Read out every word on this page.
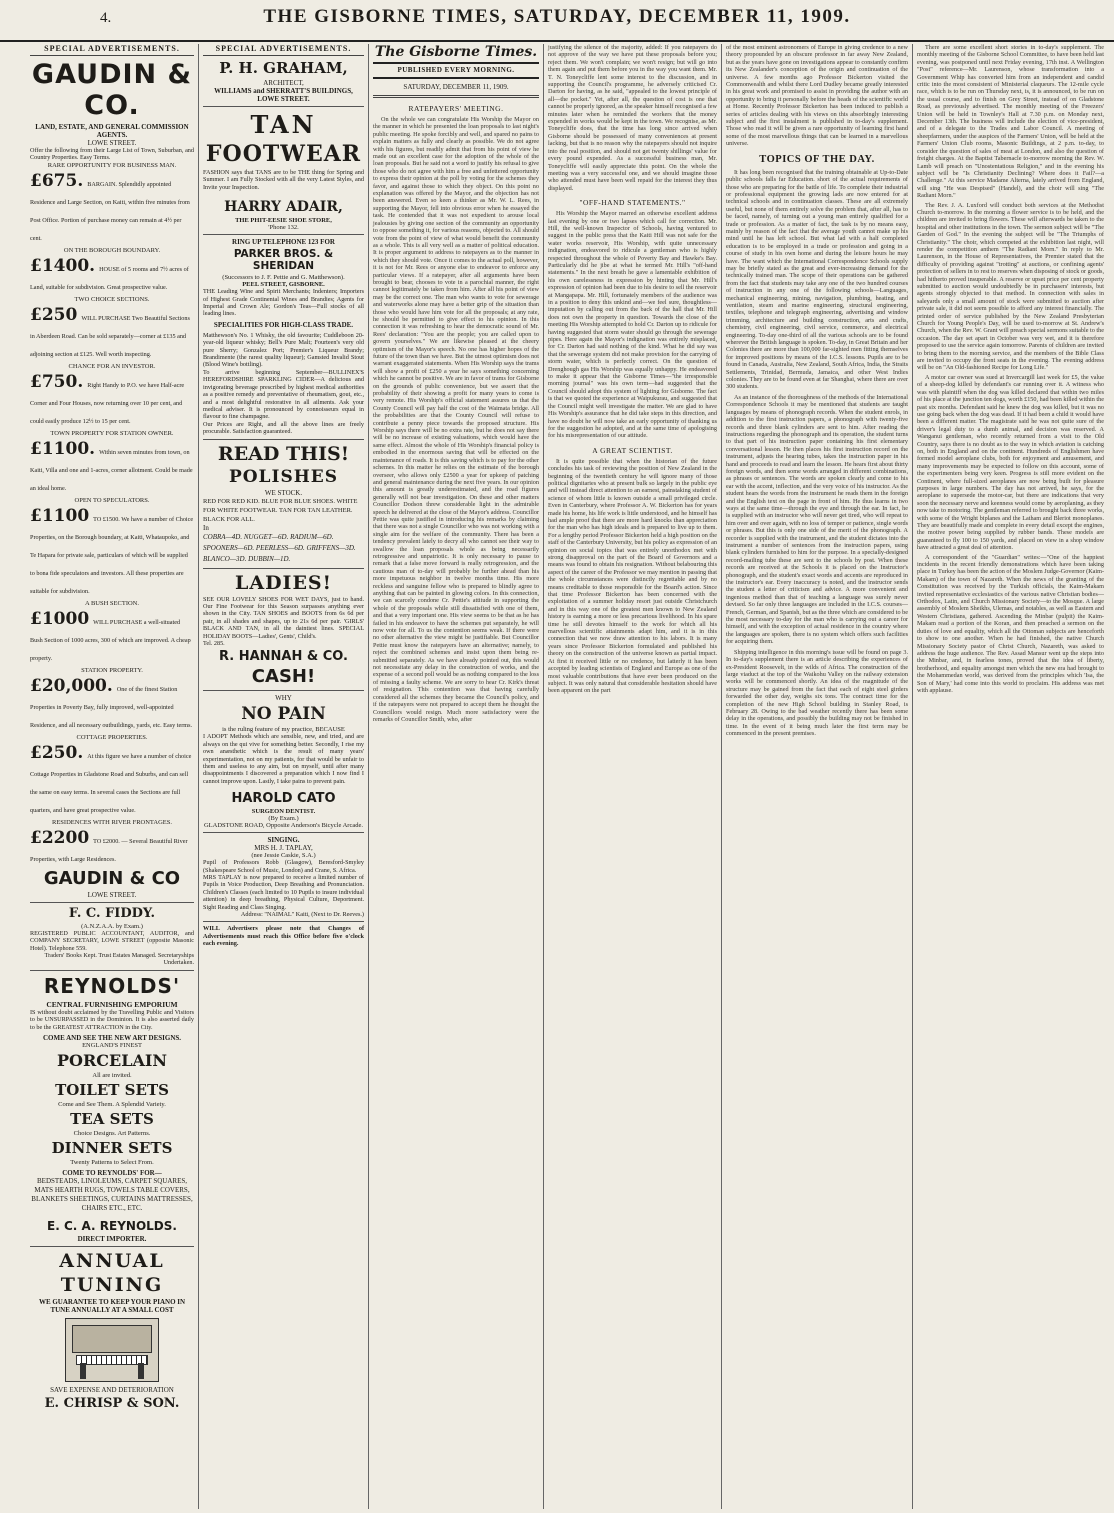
4.	THE GISBORNE TIMES, SATURDAY, DECEMBER 11, 1909.
SPECIAL ADVERTISEMENTS.
GAUDIN & CO.
LAND, ESTATE, AND GENERAL COMMISSION AGENTS.
LOWE STREET.
Offer the following from their Large List of Town, Suburban, and Country Properties. Easy Terms.
RARE OPPORTUNITY FOR BUSINESS MAN.
£675. BARGAIN. Splendidly appointed Residence and Large Section, on Kaiti, within five minutes from Post Office. Portion of purchase money can remain at 4½ per cent.
ON THE BOROUGH BOUNDARY.
£1400. HOUSE of 5 rooms and 7½ acres of Land, suitable for subdivision. Great prospective value.
TWO CHOICE SECTIONS.
£250 WILL PURCHASE Two Beautiful Sections in Aberdeen Road. Can be sold separately—corner at £135 and adjoining section at £125. Well worth inspecting.
CHANCE FOR AN INVESTOR.
£750. Right Handy to P.O. we have Half-acre Corner and Four Houses, now returning over 10 per cent, and could easily produce 12½ to 15 per cent.
TOWN PROPERTY FOR STATION OWNER.
£1100. Within seven minutes from town, on Kaiti, Villa and one and 1-acres, corner allotment. Could be made an ideal home.
OPEN TO SPECULATORS.
£1100 TO £1500. We have a number of Choice Properties, on the Borough boundary, at Kaiti, Whataupoko, and Te Hapara for private sale, particulars of which will be supplied to bona fide speculators and investors. All these properties are suitable for subdivision.
A BUSH SECTION.
£1000 WILL PURCHASE a well-situated Bush Section of 1000 acres, 300 of which are improved. A cheap property.
STATION PROPERTY.
£20,000. One of the finest Station Properties in Poverty Bay, fully improved, well-appointed Residence, and all necessary outbuildings, yards, etc. Easy terms.
COTTAGE PROPERTIES.
£250. At this figure we have a number of choice Cottage Properties in Gladstone Road and Suburbs, and can sell the same on easy terms. In several cases the Sections are full quarters, and have great prospective value.
RESIDENCES WITH RIVER FRONTAGES.
£2200 TO £2000. — Several Beautiful River Properties, with Large Residences.
GAUDIN & CO
LOWE STREET.
F. C. FIDDY.
(A.N.Z.A.A. by Exam.)
REGISTERED PUBLIC ACCOUNTANT, AUDITOR, and COMPANY SECRETARY, LOWE STREET (opposite Masonic Hotel). Telephone 559.
Traders' Books Kept. Trust Estates Managed. Secretaryships Undertaken.
REYNOLDS'
CENTRAL FURNISHING EMPORIUM
IS without doubt acclaimed by the Travelling Public and Visitors to be UNSURPASSED in the Dominion. It is also asserted daily to be the GREATEST ATTRACTION in the City.
COME AND SEE THE NEW ART DESIGNS.
ENGLAND'S FINEST
PORCELAIN
All are invited.
TOILET SETS
Come and See Them. A Splendid Variety.
TEA SETS
Choice Designs. Art Patterns.
DINNER SETS
Twenty Patterns to Select From.
COME TO REYNOLDS' FOR—
BEDSTEADS, LINOLEUMS, CARPET SQUARES, MATS HEARTH RUGS, TOWELS TABLE COVERS, BLANKETS SHEETINGS, CURTAINS MATTRESSES, CHAIRS ETC., ETC.
E. C. A. REYNOLDS.
DIRECT IMPORTER.
ANNUAL
TUNING
WE GUARANTEE TO KEEP YOUR PIANO IN TUNE ANNUALLY AT A SMALL COST
SAVE EXPENSE AND DETERIORATION
E. CHRISP & SON.
SPECIAL ADVERTISEMENTS.
P. H. GRAHAM,
ARCHITECT,
WILLIAMS and SHERRATT'S BUILDINGS,
LOWE STREET.
TAN
FOOTWEAR
FASHION says that TANS are to be THE thing for Spring and Summer. I am Fully Stocked with all the very Latest Styles, and Invite your Inspection.
HARRY ADAIR,
THE PHIT-EESIE SHOE STORE,
'Phone 132.
RING UP TELEPHONE 123 FOR
PARKER BROS. & SHERIDAN
(Successors to J. F. Pettie and G. Matthewson).
PEEL STREET, GISBORNE.
THE Leading Wine and Spirit Merchants; Indenters; Importers of Highest Grade Continental Wines and Brandies; Agents for Imperial and Crown Ale; Gordon's Teas—Full stocks of all leading lines.
SPECIALITIES FOR HIGH-CLASS TRADE.
Matthewson's No. 1 Whisky, the old favourite; Cuddleboon 20-year-old liqueur whisky; Bell's Pure Malt; Fourteen's very old pure Sherry; Gonzalez Port; Premier's Liqueur Brandy; Brandimente (the rarest quality liqueur); Gamsted Invalid Stout (Blood Wine's bottling).
To arrive beginning September—BULLINEX'S HEREFORDSHIRE SPARKLING CIDER—A delicious and invigorating beverage prescribed by highest medical authorities as a positive remedy and preventative of rheumatism, gout, etc., and a most delightful restorative in all ailments. Ask your medical adviser. It is pronounced by connoisseurs equal in flavour to fine champagne.
Our Prices are Right, and all the above lines are freely procurable. Satisfaction guaranteed.
READ THIS!
POLISHES
WE STOCK.
RED FOR RED KID. BLUE FOR BLUE SHOES. WHITE FOR WHITE FOOTWEAR. TAN FOR TAN LEATHER. BLACK FOR ALL.
In
COBRA—4D. NUGGET—6D. RADIUM—6D. SPOONERS—6D. PEERLESS—6D. GRIFFENS—3D. BLANCO—3D. DUBBIN—1D.
LADIES!
SEE OUR LOVELY SHOES FOR WET DAYS, just to hand. Our Fine Footwear for this Season surpasses anything ever shown in the City. TAN SHOES and BOOTS from 6s 6d per pair, in all shades and shapes, up to 21s 6d per pair. 'GIRLS' BLACK AND TAN, in all the daintiest lines. SPECIAL HOLIDAY BOOTS—Ladies', Gents', Child's.
Tel. 285.
R. HANNAH & CO.
CASH!
WHY
NO PAIN
is the ruling feature of my practice, BECAUSE
I ADOPT Methods which are sensible, new, and tried, and are always on the qui vive for something better. Secondly, I rise my own anæsthetic which is the result of many years' experimentation, not on my patients, for that would be unfair to them and useless to any aim, but on myself, until after many disappointments I discovered a preparation which I now find I cannot improve upon. Lastly, I take pains to prevent pain.
HAROLD CATO
SURGEON DENTIST.
(By Exam.)
GLADSTONE ROAD, Opposite Anderson's Bicycle Arcade.
SINGING.
MRS H. J. TAPLAY,
(nee Jessie Caskie, S.A.)
Pupil of Professors Robb (Glasgow), Beresford-Smyley (Shakespeare School of Music, London) and Crane, S. Africa.
MRS TAPLAY is now prepared to receive a limited number of Pupils in Voice Production, Deep Breathing and Pronunciation. Children's Classes (each limited to 10 Pupils to insure individual attention) in deep breathing, Physical Culture, Deportment. Sight Reading and Class Singing.
Address: "NAIMAL" Kaiti, (Next to Dr. Reeves.)
WILL Advertisers please note that Changes of Advertisements must reach this Office before five o'clock each evening.
The Gisborne Times.
PUBLISHED EVERY MORNING.
SATURDAY, DECEMBER 11, 1909.
RATEPAYERS' MEETING.
On the whole we can congratulate His Worship the Mayor on the manner in which he presented the loan proposals to last night's public meeting. He spoke forcibly and well, and spared no pains to explain matters as fully and clearly as possible. We do not agree with his figures, but readily admit that from his point of view he made out an excellent case for the adoption of the whole of the loan proposals. But he said not a word to justify his refusal to give those who do not agree with him a free and unfettered opportunity to express their opinion at the poll by voting for the schemes they favor, and against those to which they object. On this point no explanation was offered by the Mayor, and the objection has not been answered. Even so keen a thinker as Mr. W. L. Rees, in supporting the Mayor, fell into obvious error when he essayed the task. He contended that it was not expedient to arouse local jealousies by giving one section of the community an opportunity to oppose something it, for various reasons, objected to. All should vote from the point of view of what would benefit the community as a whole. This is all very well as a matter of political education. It is proper argument to address to ratepayers as to the manner in which they should vote. Once it comes to the actual poll, however, it is not for Mr. Rees or anyone else to endeavor to enforce any particular views. If a ratepayer, after all arguments have been brought to bear, chooses to vote in a parochial manner, the right cannot legitimately be taken from him. After all his point of view may be the correct one. The man who wants to vote for sewerage and waterworks alone may have a better grip of the situation than those who would have him vote for all the proposals; at any rate, he should be permitted to give effect to his opinion. In this connection it was refreshing to hear the democratic sound of Mr. Rees' declaration: "You are the people; you are called upon to govern yourselves." We are likewise pleased at the cheery optimism of the Mayor's speech. No one has higher hopes of the future of the town than we have. But the utmost optimism does not warrant exaggerated statements. When His Worship says the trams will show a profit of £250 a year he says something concerning which he cannot be positive. We are in favor of trams for Gisborne on the grounds of public convenience, but we assert that the probability of their showing a profit for many years to come is very remote. His Worship's official statement assures us that the County Council will pay half the cost of the Waimata bridge. All the probabilities are that the County Council will refuse to contribute a penny piece towards the proposed structure. His Worship says there will be no extra rate, but he does not say there will be no increase of existing valuations, which would have the same effect. Almost the whole of His Worship's financial policy is embodied in the enormous saving that will be effected on the maintenance of roads. It is this saving which is to pay for the other schemes. In this matter he relies on the estimate of the borough overseer, who allows only £2500 a year for upkeep of patching and general maintenance during the next five years. In our opinion this amount is greatly underestimated, and the road figures generally will not bear investigation. On these and other matters Councillor Dodson threw considerable light in the admirable speech he delivered at the close of the Mayor's address. Councillor Pettie was quite justified in introducing his remarks by claiming that there was not a single Councillor who was not working with a single aim for the welfare of the community. There has been a tendency prevalent lately to decry all who cannot see their way to swallow the loan proposals whole as being necessarily retrogressive and unpatriotic. It is only necessary to pause to remark that a false move forward is really retrogression, and the cautious man of to-day will probably be further ahead than his more impetuous neighbor in twelve months time. His more reckless and sanguine fellow who is prepared to blindly agree to anything that can be painted in glowing colors. In this connection, we can scarcely condone Cr. Pettie's attitude in supporting the whole of the proposals while still dissatisfied with one of them, and that a very important one. His view seems to be that as he has failed in his endeavor to have the schemes put separately, he will now vote for all. To us the contention seems weak. If there were no other alternative the view might be justifiable. But Councillor Pettie must know the ratepayers have an alternative; namely, to reject the combined schemes and insist upon them being re-submitted separately. As we have already pointed out, this would not necessitate any delay in the construction of works, and the expense of a second poll would be as nothing compared to the loss of missing a faulty scheme. We are sorry to hear Cr. Kirk's threat of resignation. This contention was that having carefully considered all the schemes they became the Council's policy, and if the ratepayers were not prepared to accept them he thought the Councillors would resign. Much more satisfactory were the remarks of Councillor Smith, who, after
justifying the silence of the majority, added: If you ratepayers do not approve of the way we have put these proposals before you; reject them. We won't complain; we won't resign; but will go into them again and put them before you in the way you want them. Mr. T. N. Toneycliffe lent some interest to the discussion, and in supporting the Council's programme, he adversely criticised Cr. Darton for having, as he said, "appealed to the lowest principle of all—the pocket." Yet, after all, the question of cost is one that cannot be properly ignored, as the speaker himself recognised a few minutes later when he reminded the workers that the money expended in works would be kept in the town. We recognise, as Mr. Toneycliffe does, that the time has long since arrived when Gisborne should be possessed of many conveniences at present lacking, but that is no reason why the ratepayers should not inquire into the real position, and should not get twenty shillings' value for every pound expended. As a successful business man, Mr. Toneycliffe will easily appreciate this point. On the whole the meeting was a very successful one, and we should imagine those who attended must have been well repaid for the interest they thus displayed.
"OFF-HAND STATEMENTS."
His Worship the Mayor marred an otherwise excellent address last evening by one or two lapses which call for correction. Mr. Hill, the well-known Inspector of Schools, having ventured to suggest in the public press that the Kaiti Hill was not safe for the water works reservoir, His Worship, with quite unnecessary indignation, endeavored to ridicule a gentleman who is highly respected throughout the whole of Poverty Bay and Hawke's Bay. Particularly did he jibe at what he termed Mr. Hill's "off-hand statements." In the next breath he gave a lamentable exhibition of his own carelessness in expression by hinting that Mr. Hill's expression of opinion had been due to his desire to sell the reservoir at Mangapapa. Mr. Hill, fortunately members of the audience was in a position to deny this unkind and—we feel sure, thoughtless—imputation by calling out from the back of the hall that Mr. Hill does not own the property in question. Towards the close of the meeting His Worship attempted to hold Cr. Darton up to ridicule for having suggested that storm water should go through the sewerage pipes. Here again the Mayor's indignation was entirely misplaced, for Cr. Darton had said nothing of the kind. What he did say was that the sewerage system did not make provision for the carrying of storm water, which is perfectly correct. On the question of Drenghough gas His Worship was equally unhappy. He endeavored to make it appear that the Gisborne Times—"the irresponsible morning journal" was his own term—had suggested that the Council should adopt this system of lighting for Gisborne. The fact is that we quoted the experience at Waipukurau, and suggested that the Council might well investigate the matter. We are glad to have His Worship's assurance that he did take steps in this direction, and have no doubt he will now take an early opportunity of thanking us for the suggestion he adopted, and at the same time of apologising for his misrepresentation of our attitude.
A GREAT SCIENTIST.
It is quite possible that when the historian of the future concludes his task of reviewing the position of New Zealand in the beginning of the twentieth century he will ignore many of those political dignitaries who at present bulk so largely in the public eye and will instead direct attention to an earnest, painstaking student of science of whom little is known outside a small privileged circle. Even in Canterbury, where Professor A. W. Bickerton has for years made his home, his life work is little understood, and he himself has had ample proof that there are more hard knocks than appreciation for the man who has high ideals and is prepared to live up to them. For a lengthy period Professor Bickerton held a high position on the staff of the Canterbury University, but his policy as expression of an opinion on social topics that was entirely unorthodox met with strong disapproval on the part of the Board of Governors and a means was found to obtain his resignation. Without belabouring this aspect of the career of the Professor we may mention in passing that the whole circumstances were distinctly regrettable and by no means creditable to those responsible for the Board's action. Since that time Professor Bickerton has been concerned with the exploitation of a summer holiday resort just outside Christchurch and in this way one of the greatest men known to New Zealand history is earning a more or less precarious livelihood. In his spare time he still devotes himself to the work for which all his marvellous scientific attainments adapt him, and it is in this connection that we now draw attention to his labors. It is many years since Professor Bickerton formulated and published his theory on the construction of the universe known as partial impact. At first it received little or no credence, but latterly it has been accepted by leading scientists of England and Europe as one of the most valuable contributions that have ever been produced on the subject. It was only natural that considerable hesitation should have been apparent on the part
of the most eminent astronomers of Europe in giving credence to a new theory propounded by an obscure professor in far away New Zealand, but as the years have gone on investigations appear to constantly confirm its New Zealander's conception of the origin and continuation of the universe. A few months ago Professor Bickerton visited the Commonwealth and whilst there Lord Dudley became greatly interested in his great work and promised to assist in providing the author with an opportunity to bring it personally before the heads of the scientific world at Home. Recently Professor Bickerton has been induced to publish a series of articles dealing with his views on this absorbingly interesting subject and the first instalment is published in to-day's supplement. Those who read it will be given a rare opportunity of learning first hand some of the most marvellous things that can be learned in a marvellous universe.
TOPICS OF THE DAY.
It has long been recognised that the training obtainable at Up-to-Date public schools falls far Education. short of the actual requirements of those who are preparing for the battle of life. To complete their industrial or professional equipment the growing lads are now entered for at technical schools and in continuation classes. These are all extremely useful, but none of them entirely solve the problem that, after all, has to be faced, namely, of turning out a young man entirely qualified for a trade or profession. As a matter of fact, the task is by no means easy, mainly by reason of the fact that the average youth cannot make up his mind until he has left school. But what lad with a half completed education is to be employed in a trade or profession and going in a course of study in his own home and during the leisure hours he may have. The want which the International Correspondence Schools supply may be briefly stated as the great and ever-increasing demand for the technically trained man. The scope of their operations can be gathered from the fact that students may take any one of the two hundred courses of instruction in any one of the following schools—Languages, mechanical engineering, mining, navigation, plumbing, heating, and ventilation, steam and marine engineering, structural engineering, textiles, telephone and telegraph engineering, advertising and window trimming, architecture and building construction, arts and crafts, chemistry, civil engineering, civil service, commerce, and electrical engineering. To-day one-third of all the various schools are to be found wherever the British language is spoken. To-day, in Great Britain and her Colonies there are more than 100,000 far-sighted men fitting themselves for improved positions by means of the I.C.S. lessons. Pupils are to be found in Canada, Australia, New Zealand, South Africa, India, the Straits Settlements, Trinidad, Bermuda, Jamaica, and other West Indies colonies. They are to be found even at far Shanghai, where there are over 300 students.
As an instance of the thoroughness of the methods of the International Correspondence Schools it may be mentioned that students are taught languages by means of phonograph records. When the student enrols, in addition to the first instruction papers, a phonograph with twenty-five records and three blank cylinders are sent to him. After reading the instructions regarding the phonograph and its operation, the student turns to that part of his instruction paper containing his first elementary conversational lesson. He then places his first instruction record on the instrument, adjusts the hearing tubes, takes the instruction paper in his hand and proceeds to read and learn the lesson. He hears first about thirty foreign words, and then some words arranged in different combinations, as phrases or sentences. The words are spoken clearly and come to his ear with the accent, inflection, and the very voice of his instructor. As the student hears the words from the instrument he reads them in the foreign and the English text on the page in front of him. He thus learns in two ways at the same time—through the eye and through the ear. In fact, he is supplied with an instructor who will never get tired, who will repeat to him over and over again, with no loss of temper or patience, single words or phrases. But this is only one side of the merit of the phonograph. A recorder is supplied with the instrument, and the student dictates into the instrument a number of sentences from the instruction papers, using blank cylinders furnished to him for the purpose. In a specially-designed record-mailing tube these are sent to the schools by post. When these records are received at the Schools it is placed on the Instructor's phonograph, and the student's exact words and accents are reproduced in the instructor's ear. Every inaccuracy is noted, and the instructor sends the student a letter of criticism and advice. A more convenient and ingenious method than that of teaching a language was surely never devised. So far only three languages are included in the I.C.S. courses—French, German, and Spanish, but as the three which are considered to be the most necessary to-day for the man who is carrying out a career for himself, and with the exception of actual residence in the country where the languages are spoken, there is no system which offers such facilities for acquiring them.
Shipping intelligence in this morning's issue will be found on page 3. In to-day's supplement there is an article describing the experiences of ex-President Roosevelt, in the wilds of Africa. The construction of the large viaduct at the top of the Waikohu Valley on the railway extension works will be commenced shortly. An idea of the magnitude of the structure may be gained from the fact that each of eight steel girders forwarded the other day, weighs six tons. The contract time for the completion of the new High School building in Stanley Road, is February 28. Owing to the bad weather recently there has been some delay in the operations, and possibly the building may not be finished in time. In the event of it being much later the first term may be commenced in the present premises.
There are some excellent short stories in to-day's supplement. The monthly meeting of the Gisborne School Committee, to have been held last evening, was postponed until next Friday evening, 17th inst. A Wellington "Post" reference—Mr. Laurenson, whose transformation into a Government Whip has converted him from an independent and candid critic into the most consistent of Ministerial claqueurs. The 12-mile cycle race, which is to be run on Thursday next, is, it is announced, to be run on the usual course, and to finish on Grey Street, instead of on Gladstone Road, as previously advertised. The monthly meeting of the Freezers' Union will be held in Townley's Hall at 7.30 p.m. on Monday next, December 13th. The business will include the election of vice-president, and of a delegate to the Trades and Labor Council. A meeting of sheepfarmers, under the auspices of the Farmers' Union, will be held at the Farmers' Union Club rooms, Masonic Buildings, at 2 p.m. to-day, to consider the question of sales of meat at London, and also the question of freight charges. At the Baptist Tabernacle to-morrow morning the Rev. W. Lamb will preach on "Unostentatious Religion," and in the evening his subject will be "Is Christianity Declining? Where does it Fail?—a Challenge." At this service Madame Alterna, lately arrived from England, will sing "He was Despised" (Handel), and the choir will sing "The Radiant Morn."
The Rev. J. A. Luxford will conduct both services at the Methodist Church to-morrow. In the morning a flower service is to be held, and the children are invited to bring flowers. These will afterwards be taken to the hospital and other institutions in the town. The sermon subject will be "The Garden of God." In the evening the subject will be "The Triumphs of Christianity." The choir, which competed at the exhibition last night, will render the competition anthem "The Radiant Morn." In reply to Mr. Laurenson, in the House of Representatives, the Premier stated that the difficulty of providing against "trotting" at auctions, or confining agents' protection of sellers in to rest to reserves when disposing of stock or goods, had hitherto proved insuperable. A reserve or upset price per cent property submitted to auction would undoubtedly be in purchasers' interests, but agents strongly objected to that method. In connection with sales in saleyards only a small amount of stock were submitted to auction after private sale, it did not seem possible to afford any interest financially. The printed order of service published by the New Zealand Presbyterian Church for Young People's Day, will be used to-morrow at St. Andrew's Church, when the Rev. W. Grant will preach special sermons suitable to the occasion. The day set apart in October was very wet, and it is therefore proposed to use the service again tomorrow. Parents of children are invited to bring them to the morning service, and the members of the Bible Class are invited to occupy the front seats in the evening. The evening address will be on "An Old-fashioned Recipe for Long Life."
A motor car owner was sued at Invercargill last week for £5, the value of a sheep-dog killed by defendant's car running over it. A witness who was with plaintiff when the dog was killed declared that within two miles of his place at the junction ten dogs, worth £150, had been killed within the past six months. Defendant said he knew the dog was killed, but it was no use going back when the dog was dead. If it had been a child it would have been a different matter. The magistrate said he was not quite sure of the driver's legal duty to a dumb animal, and decision was reserved. A Wanganui gentleman, who recently returned from a visit to the Old Country, says there is no doubt as to the way in which aviation is catching on, both in England and on the continent. Hundreds of Englishmen have formed model aeroplane clubs, both for enjoyment and amusement, and many improvements may be expected to follow on this account, some of the experimenters being very keen. Progress is still more evident on the Continent, where full-sized aeroplanes are now being built for pleasure purposes in large numbers. The day has not arrived, he says, for the aeroplane to supersede the motor-car, but there are indications that very soon the necessary nerve and keenness would come by aeroplaning, as they now take to motoring. The gentleman referred to brought back three works, with some of the Wright biplanes and the Latham and Bleriot monoplanes. They are beautifully made and complete in every detail except the engines, the motive power being supplied by rubber bands. These models are guaranteed to fly 100 to 150 yards, and placed on view in a shop window have attracted a great deal of attention.
A correspondent of the "Guardian" writes:—"One of the happiest incidents in the recent friendly demonstrations which have been taking place in Turkey has been the action of the Moslem Judge-Governor (Kaim-Makam) of the town of Nazareth. When the news of the granting of the Constitution was received by the Turkish officials, the Kaim-Makam invited representative ecclesiastics of the various native Christian bodies—Orthodox, Latin, and Church Missionary Society—to the Mosque. A large assembly of Moslem Sheikhs, Ulemas, and notables, as well as Eastern and Western Christians, gathered. Ascending the Minbar (pulpit) the Kaim-Makam read a portion of the Koran, and then preached a sermon on the duties of love and equality, which all the Ottoman subjects are henceforth to show to one another. When he had finished, the native Church Missionary Society pastor of Christ Church, Nazareth, was asked to address the huge audience. The Rev. Assad Mansur went up the steps into the Minbar, and, in fearless tones, proved that the idea of liberty, brotherhood, and equality amongst men which the new era had brought to the Mohammedan world, was derived from the principles which 'Isa, the Son of Mary,' had come into this world to proclaim. His address was met with applause.
